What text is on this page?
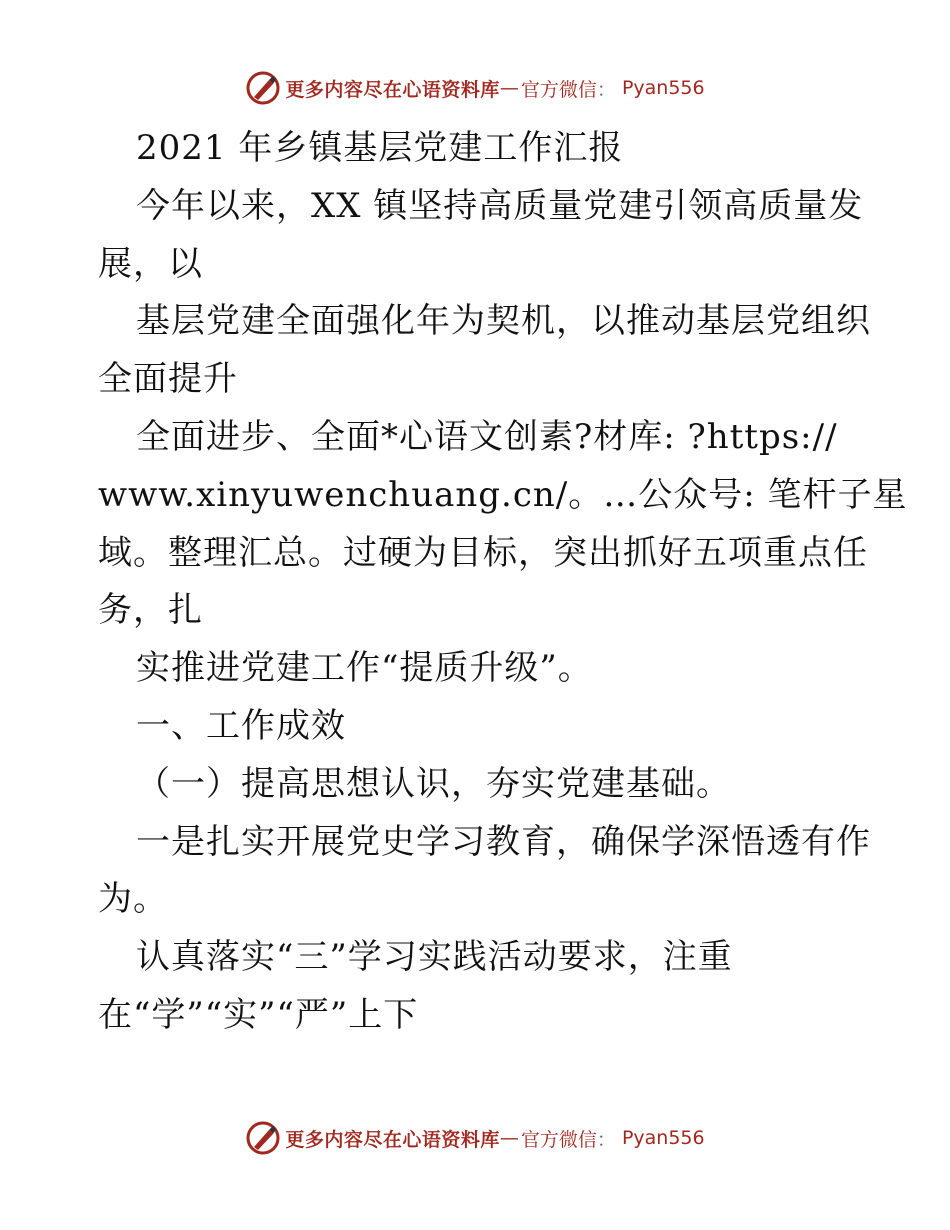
更多内容尽在心语资料库 — 官方微信 ： Pyan556
2021 年乡镇基层党建工作汇报
今年以来，XX 镇坚持高质量党建引领高质量发
展，以
基层党建全面强化年为契机，以推动基层党组织
全面提升
全面进步、全面*心语文创素?材库: ?https://
www.xinyuwenchuang.cn/。…公众号: 笔杆子星
域。整理汇总。过硬为目标，突出抓好五项重点任
务，扎
实推进党建工作“提质升级”。
一、工作成效
（一）提高思想认识，夯实党建基础。
一是扎实开展党史学习教育，确保学深悟透有作
为。
认真落实“三”学习实践活动要求，注重
在“学”“实”“严”上下
更多内容尽在心语资料库 — 官方微信 ： Pyan556
